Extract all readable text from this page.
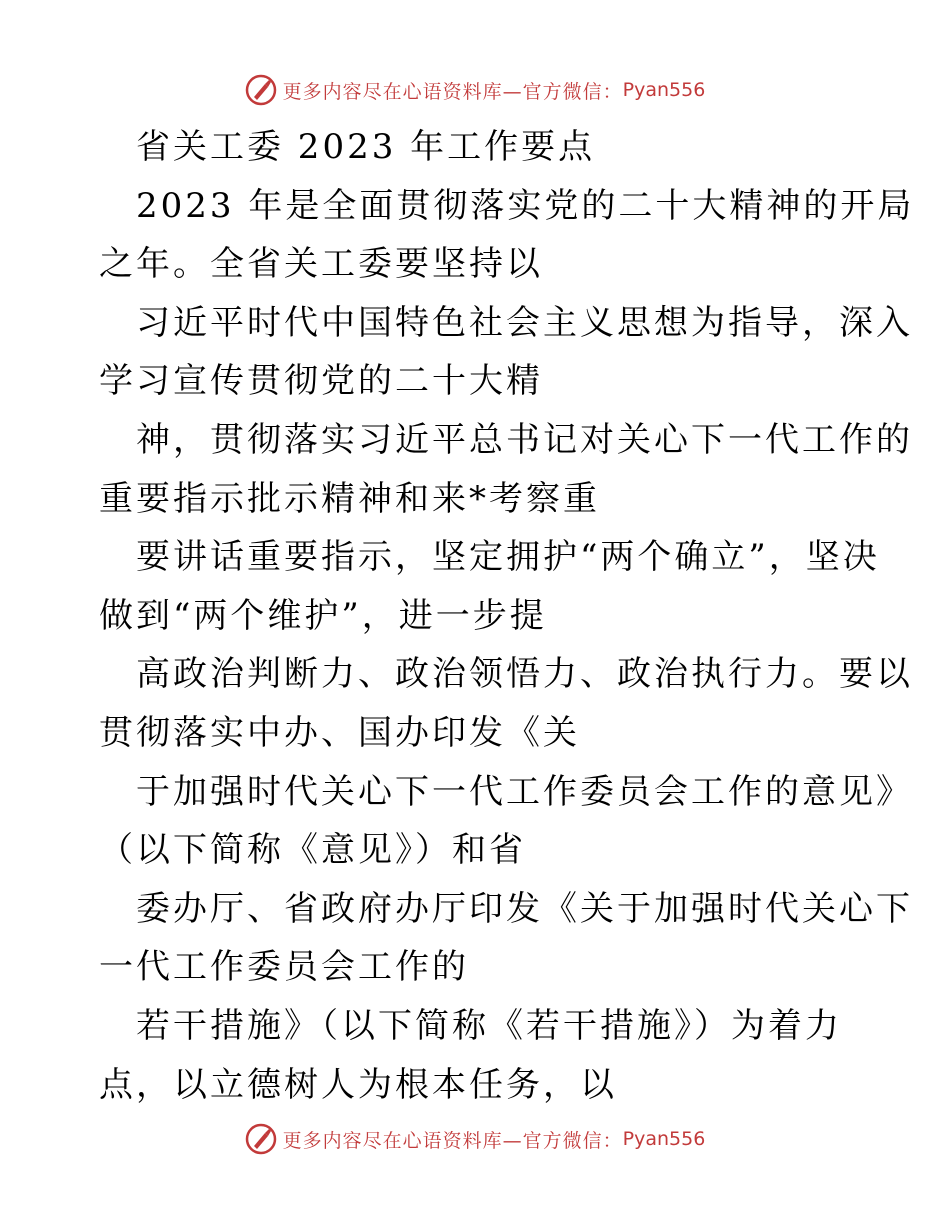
更多内容尽在心语资料库—官方微信： Pyan556
省关工委 2023 年工作要点
2023 年是全面贯彻落实党的二十大精神的开局
之年。全省关工委要坚持以
习近平时代中国特色社会主义思想为指导，深入
学习宣传贯彻党的二十大精
神，贯彻落实习近平总书记对关心下一代工作的
重要指示批示精神和来*考察重
要讲话重要指示，坚定拥护“两个确立”，坚决
做到“两个维护”，进一步提
高政治判断力、政治领悟力、政治执行力。要以
贯彻落实中办、国办印发《关
于加强时代关心下一代工作委员会工作的意见》
（以下简称《意见》）和省
委办厅、省政府办厅印发《关于加强时代关心下
一代工作委员会工作的
若干措施》（以下简称《若干措施》）为着力
点，以立德树人为根本任务，以
更多内容尽在心语资料库—官方微信： Pyan556
